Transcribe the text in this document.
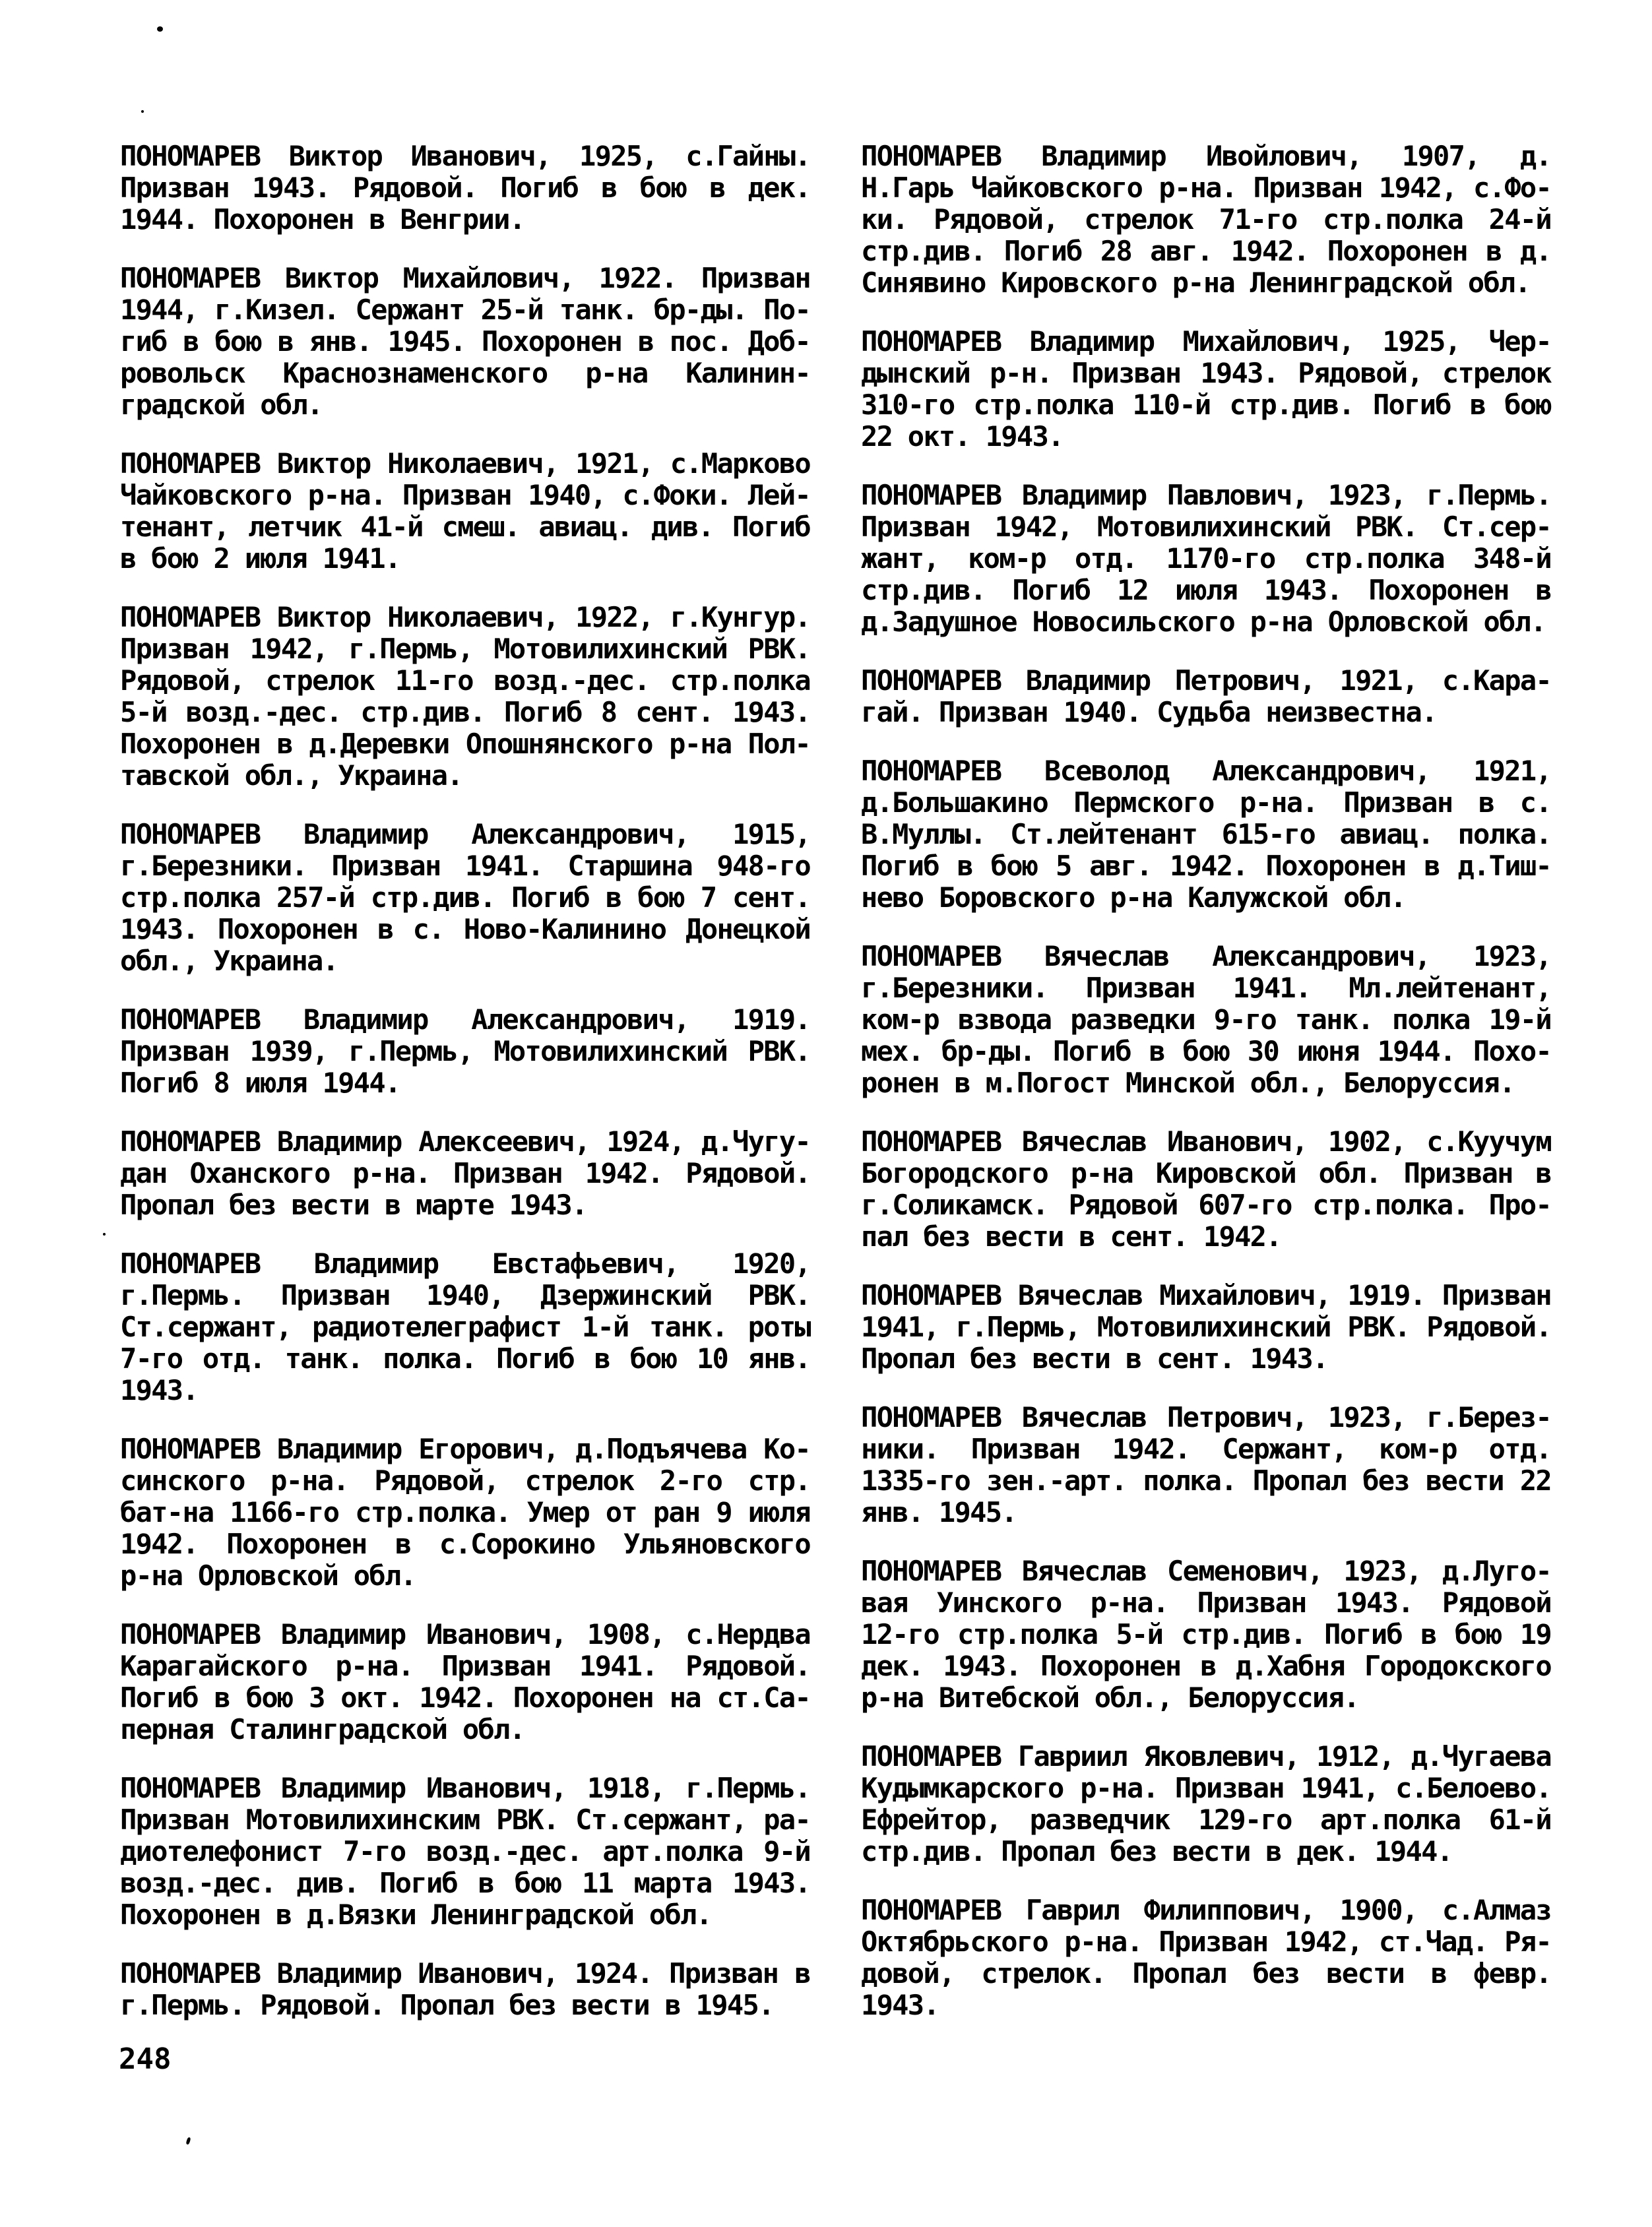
ПОНОМАРЕВ Виктор Иванович, 1925, с.Гайны.
Призван 1943. Рядовой. Погиб в бою в дек.
1944. Похоронен в Венгрии.
ПОНОМАРЕВ Виктор Михайлович, 1922. Призван
1944, г.Кизел. Сержант 25-й танк. бр-ды. По-
гиб в бою в янв. 1945. Похоронен в пос. Доб-
ровольск Краснознаменского р-на Калинин-
градской обл.
ПОНОМАРЕВ Виктор Николаевич, 1921, с.Марково
Чайковского р-на. Призван 1940, с.Фоки. Лей-
тенант, летчик 41-й смеш. авиац. див. Погиб
в бою 2 июля 1941.
ПОНОМАРЕВ Виктор Николаевич, 1922, г.Кунгур.
Призван 1942, г.Пермь, Мотовилихинский РВК.
Рядовой, стрелок 11-го возд.-дес. стр.полка
5-й возд.-дес. стр.див. Погиб 8 сент. 1943.
Похоронен в д.Деревки Опошнянского р-на Пол-
тавской обл., Украина.
ПОНОМАРЕВ Владимир Александрович, 1915,
г.Березники. Призван 1941. Старшина 948-го
стр.полка 257-й стр.див. Погиб в бою 7 сент.
1943. Похоронен в с. Ново-Калинино Донецкой
обл., Украина.
ПОНОМАРЕВ Владимир Александрович, 1919.
Призван 1939, г.Пермь, Мотовилихинский РВК.
Погиб 8 июля 1944.
ПОНОМАРЕВ Владимир Алексеевич, 1924, д.Чугу-
дан Оханского р-на. Призван 1942. Рядовой.
Пропал без вести в марте 1943.
ПОНОМАРЕВ Владимир Евстафьевич, 1920,
г.Пермь. Призван 1940, Дзержинский РВК.
Ст.сержант, радиотелеграфист 1-й танк. роты
7-го отд. танк. полка. Погиб в бою 10 янв.
1943.
ПОНОМАРЕВ Владимир Егорович, д.Подъячева Ко-
синского р-на. Рядовой, стрелок 2-го стр.
бат-на 1166-го стр.полка. Умер от ран 9 июля
1942. Похоронен в с.Сорокино Ульяновского
р-на Орловской обл.
ПОНОМАРЕВ Владимир Иванович, 1908, с.Нердва
Карагайского р-на. Призван 1941. Рядовой.
Погиб в бою 3 окт. 1942. Похоронен на ст.Са-
перная Сталинградской обл.
ПОНОМАРЕВ Владимир Иванович, 1918, г.Пермь.
Призван Мотовилихинским РВК. Ст.сержант, ра-
диотелефонист 7-го возд.-дес. арт.полка 9-й
возд.-дес. див. Погиб в бою 11 марта 1943.
Похоронен в д.Вязки Ленинградской обл.
ПОНОМАРЕВ Владимир Иванович, 1924. Призван в
г.Пермь. Рядовой. Пропал без вести в 1945.
ПОНОМАРЕВ Владимир Ивойлович, 1907, д.
Н.Гарь Чайковского р-на. Призван 1942, с.Фо-
ки. Рядовой, стрелок 71-го стр.полка 24-й
стр.див. Погиб 28 авг. 1942. Похоронен в д.
Синявино Кировского р-на Ленинградской обл.
ПОНОМАРЕВ Владимир Михайлович, 1925, Чер-
дынский р-н. Призван 1943. Рядовой, стрелок
310-го стр.полка 110-й стр.див. Погиб в бою
22 окт. 1943.
ПОНОМАРЕВ Владимир Павлович, 1923, г.Пермь.
Призван 1942, Мотовилихинский РВК. Ст.сер-
жант, ком-р отд. 1170-го стр.полка 348-й
стр.див. Погиб 12 июля 1943. Похоронен в
д.Задушное Новосильского р-на Орловской обл.
ПОНОМАРЕВ Владимир Петрович, 1921, с.Кара-
гай. Призван 1940. Судьба неизвестна.
ПОНОМАРЕВ Всеволод Александрович, 1921,
д.Большакино Пермского р-на. Призван в с.
В.Муллы. Ст.лейтенант 615-го авиац. полка.
Погиб в бою 5 авг. 1942. Похоронен в д.Тиш-
нево Боровского р-на Калужской обл.
ПОНОМАРЕВ Вячеслав Александрович, 1923,
г.Березники. Призван 1941. Мл.лейтенант,
ком-р взвода разведки 9-го танк. полка 19-й
мех. бр-ды. Погиб в бою 30 июня 1944. Похо-
ронен в м.Погост Минской обл., Белоруссия.
ПОНОМАРЕВ Вячеслав Иванович, 1902, с.Куучум
Богородского р-на Кировской обл. Призван в
г.Соликамск. Рядовой 607-го стр.полка. Про-
пал без вести в сент. 1942.
ПОНОМАРЕВ Вячеслав Михайлович, 1919. Призван
1941, г.Пермь, Мотовилихинский РВК. Рядовой.
Пропал без вести в сент. 1943.
ПОНОМАРЕВ Вячеслав Петрович, 1923, г.Берез-
ники. Призван 1942. Сержант, ком-р отд.
1335-го зен.-арт. полка. Пропал без вести 22
янв. 1945.
ПОНОМАРЕВ Вячеслав Семенович, 1923, д.Луго-
вая Уинского р-на. Призван 1943. Рядовой
12-го стр.полка 5-й стр.див. Погиб в бою 19
дек. 1943. Похоронен в д.Хабня Городокского
р-на Витебской обл., Белоруссия.
ПОНОМАРЕВ Гавриил Яковлевич, 1912, д.Чугаева
Кудымкарского р-на. Призван 1941, с.Белоево.
Ефрейтор, разведчик 129-го арт.полка 61-й
стр.див. Пропал без вести в дек. 1944.
ПОНОМАРЕВ Гаврил Филиппович, 1900, с.Алмаз
Октябрьского р-на. Призван 1942, ст.Чад. Ря-
довой, стрелок. Пропал без вести в февр.
1943.
248
